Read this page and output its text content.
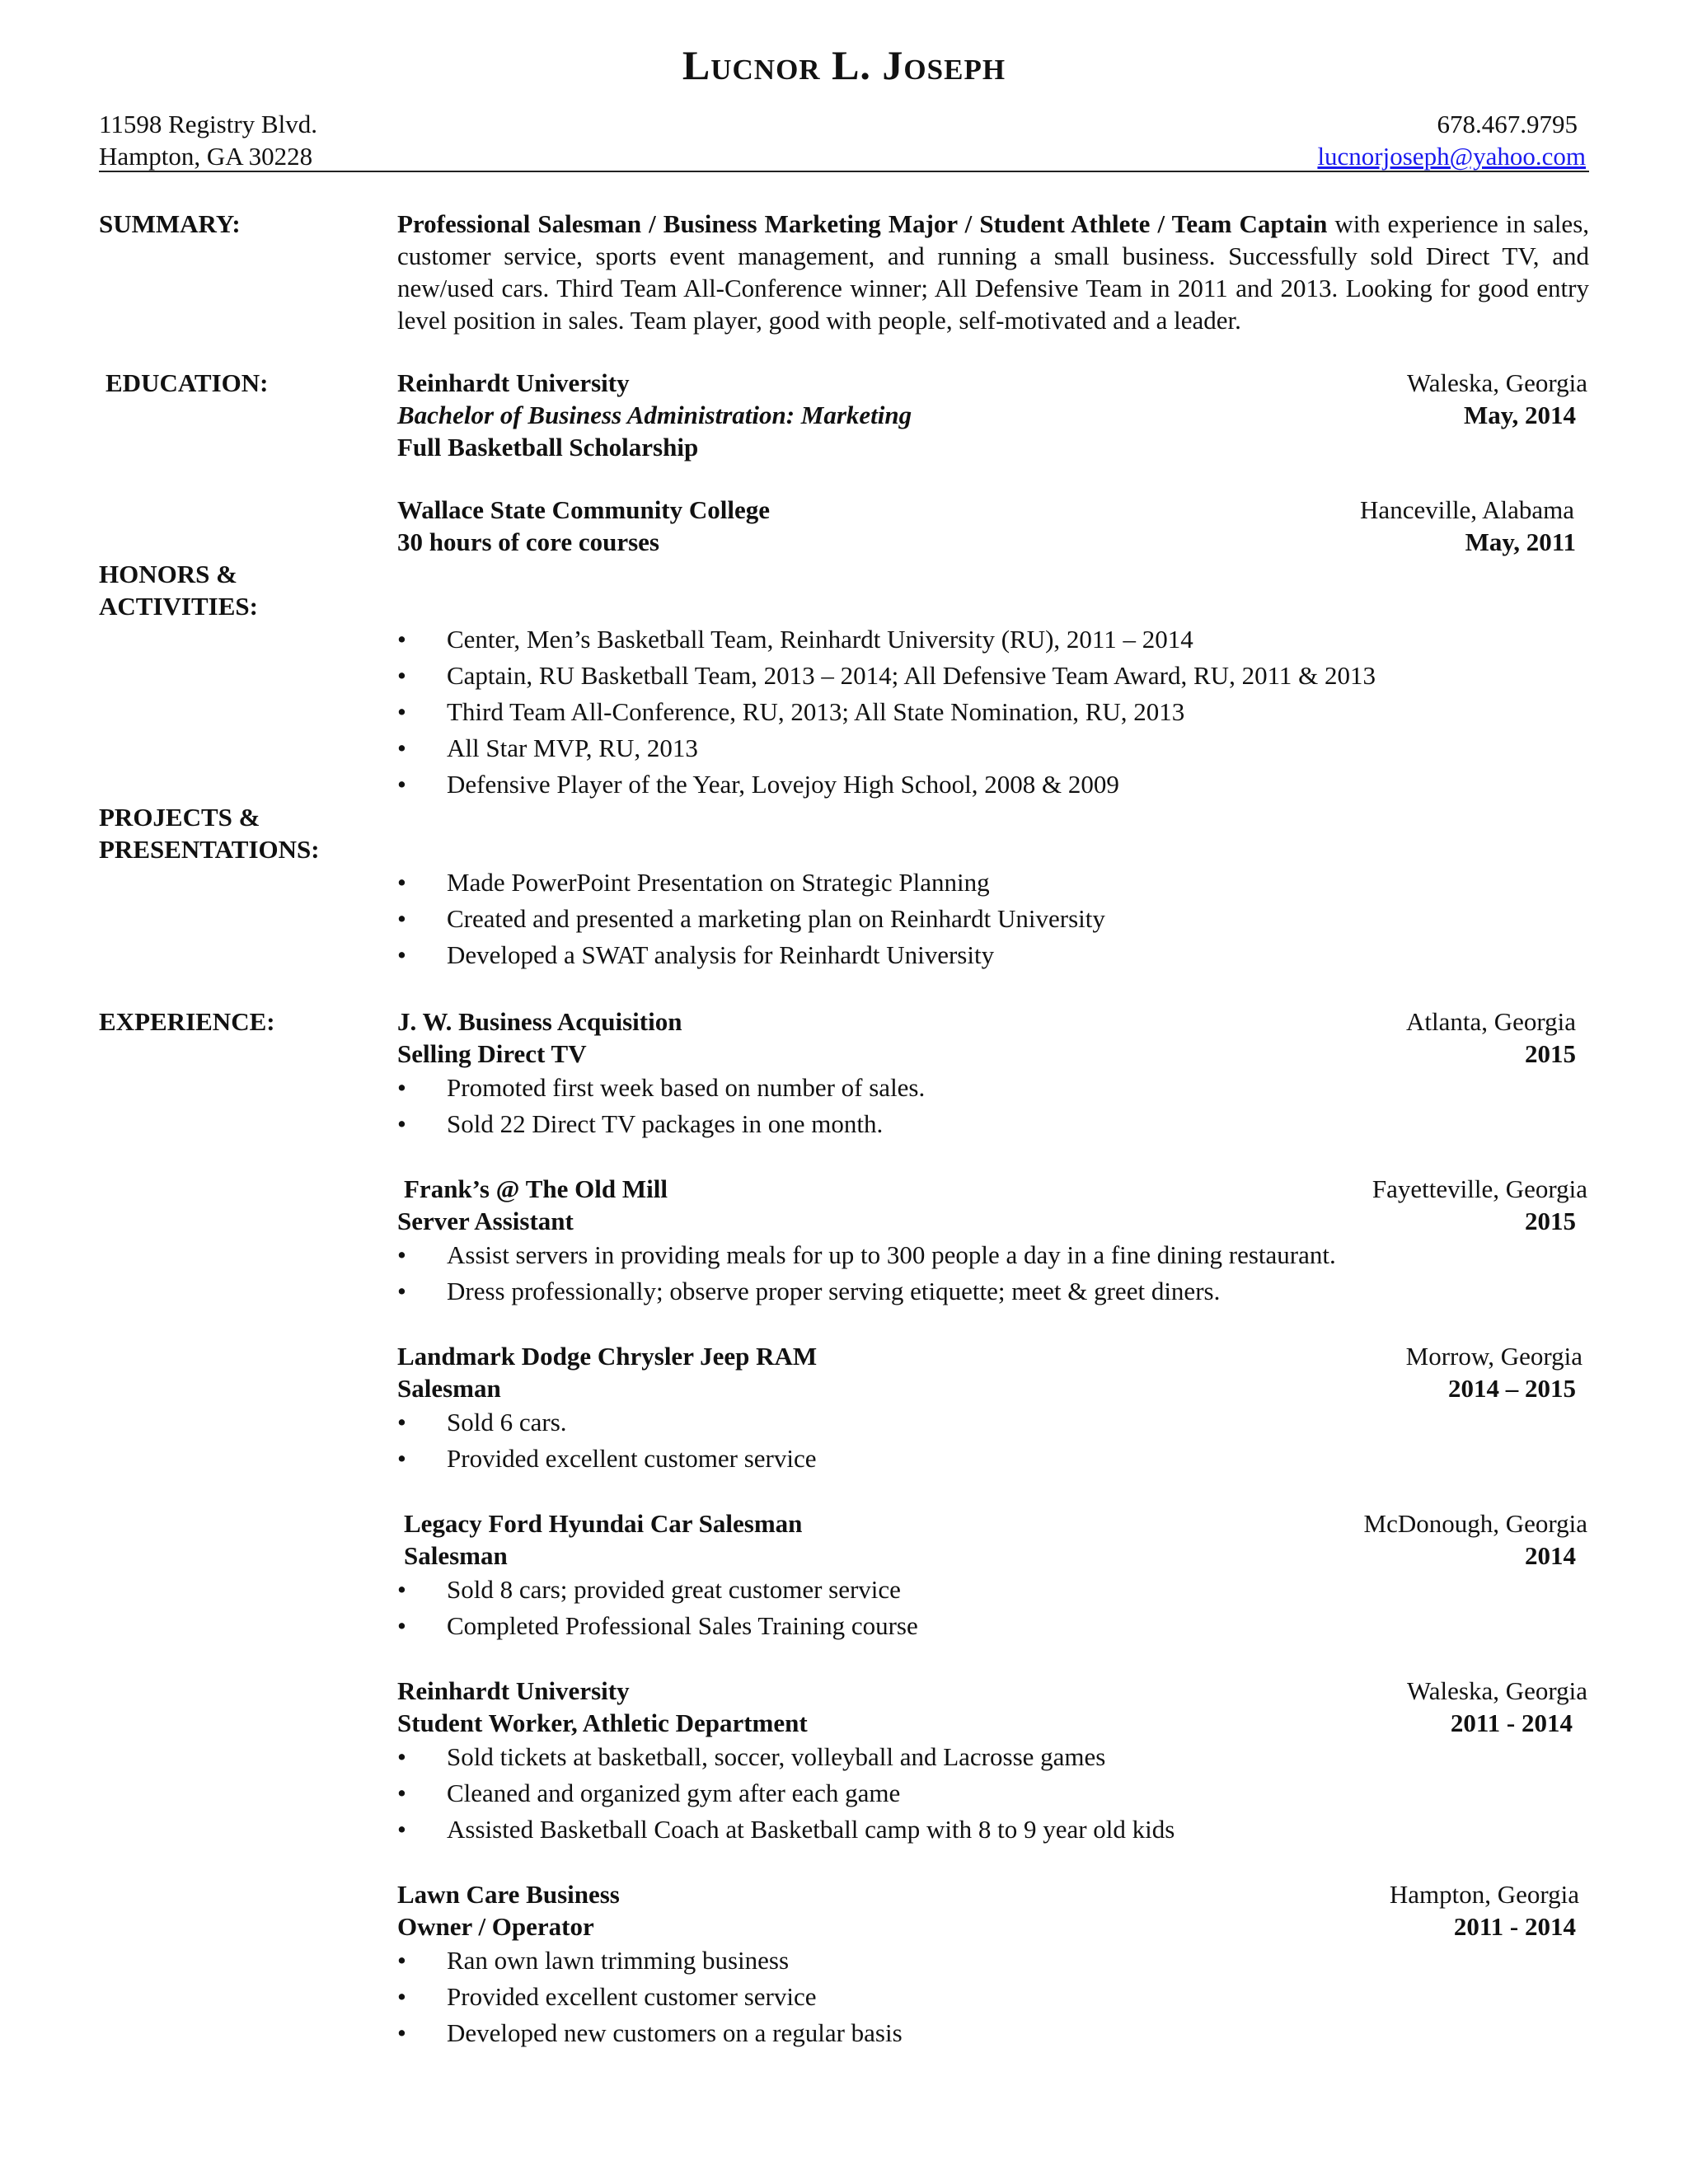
Lucnor L. Joseph
11598 Registry Blvd.
Hampton, GA 30228
678.467.9795
lucnorjoseph@yahoo.com
SUMMARY:	Professional Salesman / Business Marketing Major / Student Athlete / Team Captain with experience in sales, customer service, sports event management, and running a small business. Successfully sold Direct TV, and new/used cars. Third Team All-Conference winner; All Defensive Team in 2011 and 2013. Looking for good entry level position in sales. Team player, good with people, self-motivated and a leader.
EDUCATION:	Reinhardt University	Waleska, Georgia
Bachelor of Business Administration: Marketing	May, 2014
Full Basketball Scholarship
Wallace State Community College	Hanceville, Alabama
30 hours of core courses	May, 2011
HONORS &
ACTIVITIES:
• Center, Men’s Basketball Team, Reinhardt University (RU), 2011 – 2014
• Captain, RU Basketball Team, 2013 – 2014; All Defensive Team Award, RU, 2011 & 2013
• Third Team All-Conference, RU, 2013; All State Nomination, RU, 2013
• All Star MVP, RU, 2013
• Defensive Player of the Year, Lovejoy High School, 2008 & 2009
PROJECTS &
PRESENTATIONS:
• Made PowerPoint Presentation on Strategic Planning
• Created and presented a marketing plan on Reinhardt University
• Developed a SWAT analysis for Reinhardt University
EXPERIENCE:	J. W. Business Acquisition	Atlanta, Georgia
Selling Direct TV	2015
• Promoted first week based on number of sales.
• Sold 22 Direct TV packages in one month.
Frank’s @ The Old Mill	Fayetteville, Georgia
Server Assistant	2015
• Assist servers in providing meals for up to 300 people a day in a fine dining restaurant.
• Dress professionally; observe proper serving etiquette; meet & greet diners.
Landmark Dodge Chrysler Jeep RAM	Morrow, Georgia
Salesman	2014 – 2015
• Sold 6 cars.
• Provided excellent customer service
Legacy Ford Hyundai Car Salesman	McDonough, Georgia
Salesman	2014
• Sold 8 cars; provided great customer service
• Completed Professional Sales Training course
Reinhardt University	Waleska, Georgia
Student Worker, Athletic Department	2011 - 2014
• Sold tickets at basketball, soccer, volleyball and Lacrosse games
• Cleaned and organized gym after each game
• Assisted Basketball Coach at Basketball camp with 8 to 9 year old kids
Lawn Care Business	Hampton, Georgia
Owner / Operator	2011 - 2014
• Ran own lawn trimming business
• Provided excellent customer service
• Developed new customers on a regular basis
